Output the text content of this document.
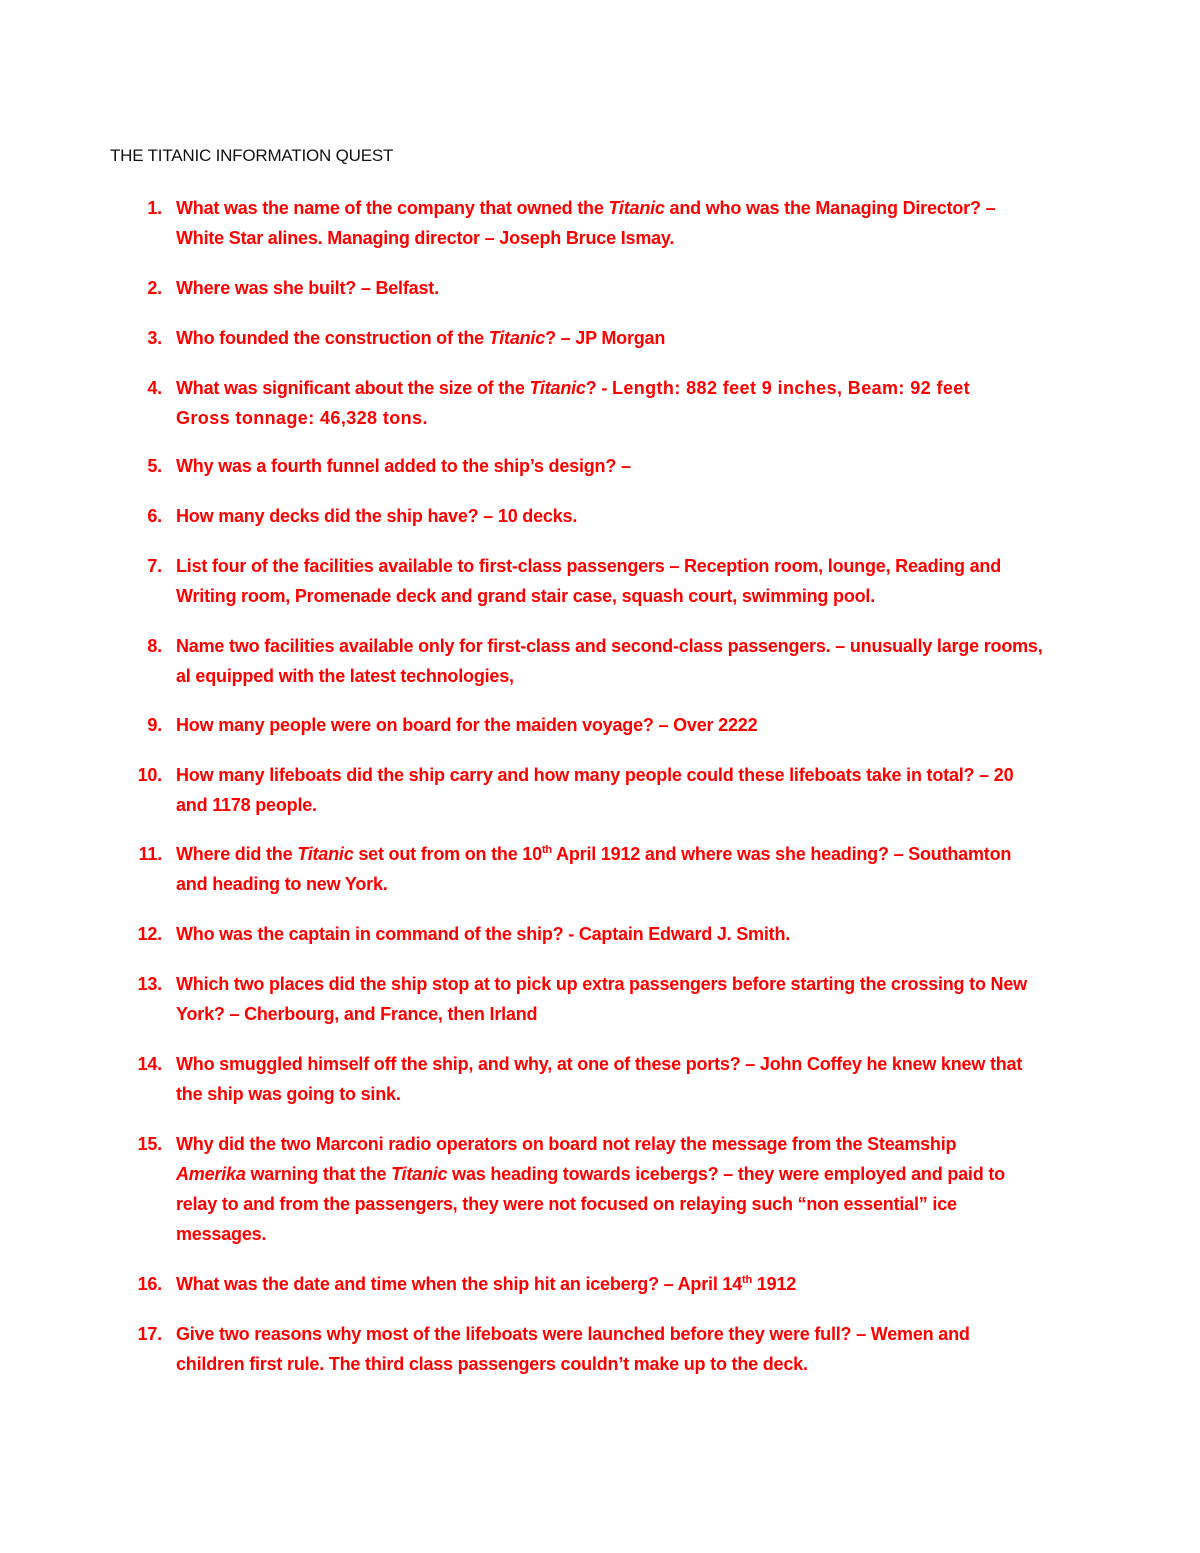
THE TITANIC INFORMATION QUEST
1. What was the name of the company that owned the Titanic and who was the Managing Director? –
White Star alines. Managing director – Joseph Bruce Ismay.
2. Where was she built? – Belfast.
3. Who founded the construction of the Titanic? – JP Morgan
4. What was significant about the size of the Titanic? - Length: 882 feet 9 inches, Beam: 92 feet
Gross tonnage: 46,328 tons.
5. Why was a fourth funnel added to the ship’s design? –
6. How many decks did the ship have? – 10 decks.
7. List four of the facilities available to first-class passengers – Reception room, lounge, Reading and
Writing room, Promenade deck and grand stair case, squash court, swimming pool.
8. Name two facilities available only for first-class and second-class passengers. – unusually large rooms,
al equipped with the latest technologies,
9. How many people were on board for the maiden voyage? – Over 2222
10. How many lifeboats did the ship carry and how many people could these lifeboats take in total? – 20
and 1178 people.
11. Where did the Titanic set out from on the 10th April 1912 and where was she heading? – Southamton
and heading to new York.
12. Who was the captain in command of the ship? - Captain Edward J. Smith.
13. Which two places did the ship stop at to pick up extra passengers before starting the crossing to New
York? – Cherbourg, and France, then Irland
14. Who smuggled himself off the ship, and why, at one of these ports? – John Coffey he knew knew that
the ship was going to sink.
15. Why did the two Marconi radio operators on board not relay the message from the Steamship
Amerika warning that the Titanic was heading towards icebergs? – they were employed and paid to
relay to and from the passengers, they were not focused on relaying such “non essential” ice
messages.
16. What was the date and time when the ship hit an iceberg? – April 14th 1912
17. Give two reasons why most of the lifeboats were launched before they were full? – Wemen and
children first rule. The third class passengers couldn’t make up to the deck.
